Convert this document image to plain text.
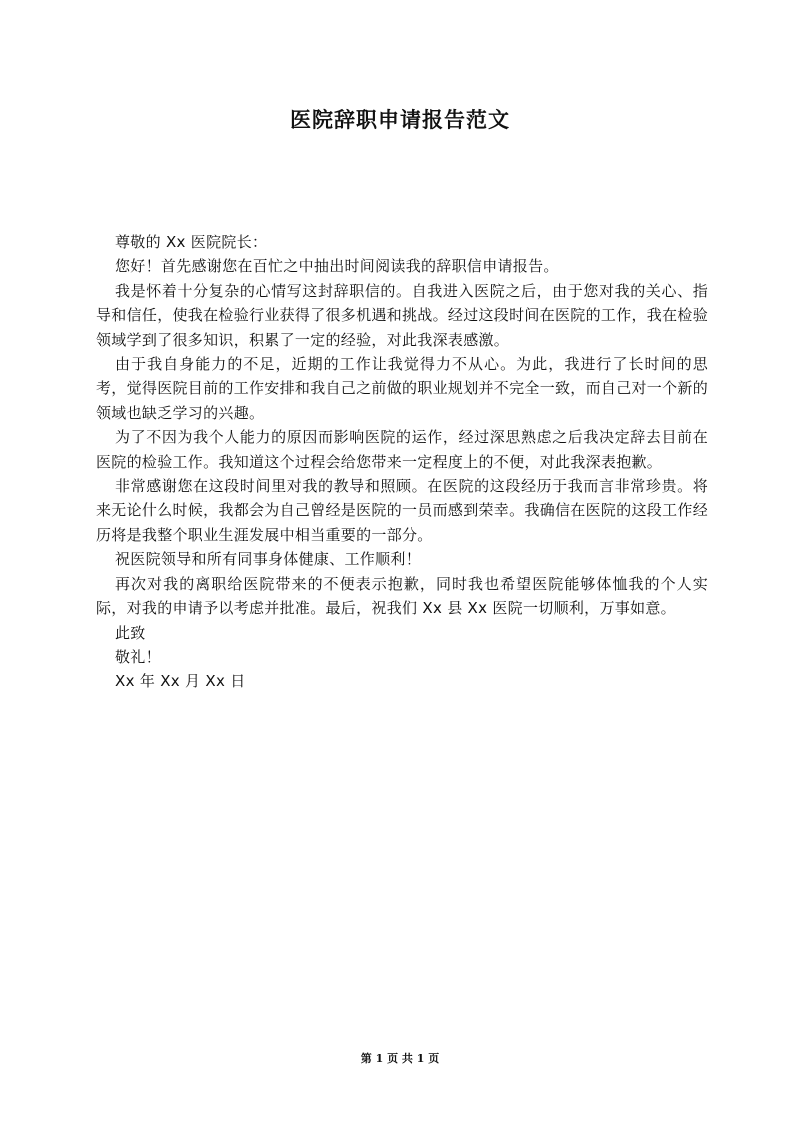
医院辞职申请报告范文

尊敬的 Xx 医院院长：

您好！首先感谢您在百忙之中抽出时间阅读我的辞职信申请报告。

我是怀着十分复杂的心情写这封辞职信的。自我进入医院之后，由于您对我的关心、指导和信任，使我在检验行业获得了很多机遇和挑战。经过这段时间在医院的工作，我在检验领域学到了很多知识，积累了一定的经验，对此我深表感激。

由于我自身能力的不足，近期的工作让我觉得力不从心。为此，我进行了长时间的思考，觉得医院目前的工作安排和我自己之前做的职业规划并不完全一致，而自己对一个新的领域也缺乏学习的兴趣。

为了不因为我个人能力的原因而影响医院的运作，经过深思熟虑之后我决定辞去目前在医院的检验工作。我知道这个过程会给您带来一定程度上的不便，对此我深表抱歉。

非常感谢您在这段时间里对我的教导和照顾。在医院的这段经历于我而言非常珍贵。将来无论什么时候，我都会为自己曾经是医院的一员而感到荣幸。我确信在医院的这段工作经历将是我整个职业生涯发展中相当重要的一部分。

祝医院领导和所有同事身体健康、工作顺利！

再次对我的离职给医院带来的不便表示抱歉，同时我也希望医院能够体恤我的个人实际，对我的申请予以考虑并批准。最后，祝我们 Xx 县 Xx 医院一切顺利，万事如意。

此致

敬礼！

Xx 年 Xx 月 Xx 日

第 1 页 共 1 页
